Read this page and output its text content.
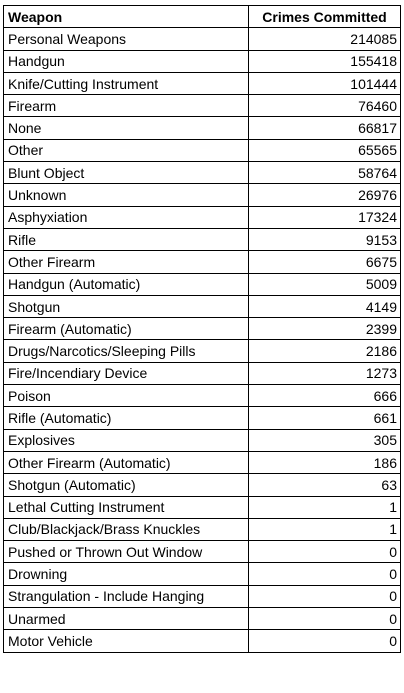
Weapon	Crimes Committed
Personal Weapons	214085
Handgun	155418
Knife/Cutting Instrument	101444
Firearm	76460
None	66817
Other	65565
Blunt Object	58764
Unknown	26976
Asphyxiation	17324
Rifle	9153
Other Firearm	6675
Handgun (Automatic)	5009
Shotgun	4149
Firearm (Automatic)	2399
Drugs/Narcotics/Sleeping Pills	2186
Fire/Incendiary Device	1273
Poison	666
Rifle (Automatic)	661
Explosives	305
Other Firearm (Automatic)	186
Shotgun (Automatic)	63
Lethal Cutting Instrument	1
Club/Blackjack/Brass Knuckles	1
Pushed or Thrown Out Window	0
Drowning	0
Strangulation - Include Hanging	0
Unarmed	0
Motor Vehicle	0
